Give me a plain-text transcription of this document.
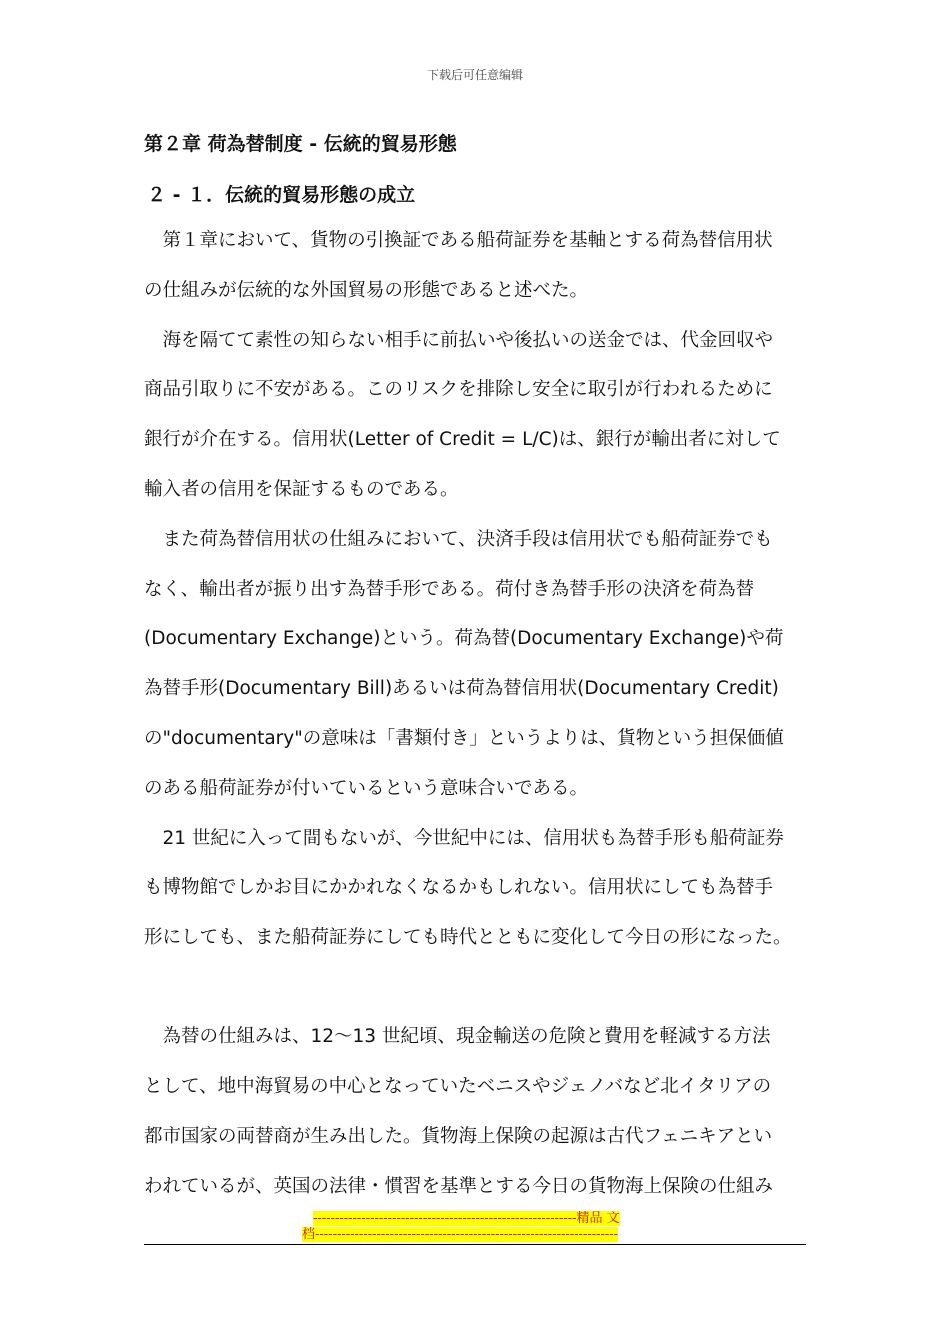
下载后可任意编辑
第２章 荷為替制度 - 伝統的貿易形態
２ - １．伝統的貿易形態の成立
　第１章において、貨物の引換証である船荷証券を基軸とする荷為替信用状
の仕組みが伝統的な外国貿易の形態であると述べた。
　海を隔てて素性の知らない相手に前払いや後払いの送金では、代金回収や
商品引取りに不安がある。このリスクを排除し安全に取引が行われるために
銀行が介在する。信用状(Letter of Credit = L/C)は、銀行が輸出者に対して
輸入者の信用を保証するものである。
　また荷為替信用状の仕組みにおいて、決済手段は信用状でも船荷証券でも
なく、輸出者が振り出す為替手形である。荷付き為替手形の決済を荷為替
(Documentary Exchange)という。荷為替(Documentary Exchange)や荷
為替手形(Documentary Bill)あるいは荷為替信用状(Documentary Credit)
の"documentary"の意味は「書類付き」というよりは、貨物という担保価値
のある船荷証券が付いているという意味合いである。
　21 世紀に入って間もないが、今世紀中には、信用状も為替手形も船荷証券
も博物館でしかお目にかかれなくなるかもしれない。信用状にしても為替手
形にしても、また船荷証券にしても時代とともに変化して今日の形になった。
　為替の仕組みは、12～13 世紀頃、現金輸送の危険と費用を軽減する方法
として、地中海貿易の中心となっていたベニスやジェノバなど北イタリアの
都市国家の両替商が生み出した。貨物海上保険の起源は古代フェニキアとい
われているが、英国の法律・慣習を基準とする今日の貨物海上保険の仕組み
------------------------------------------------------------精品 文
档---------------------------------------------------------------------
